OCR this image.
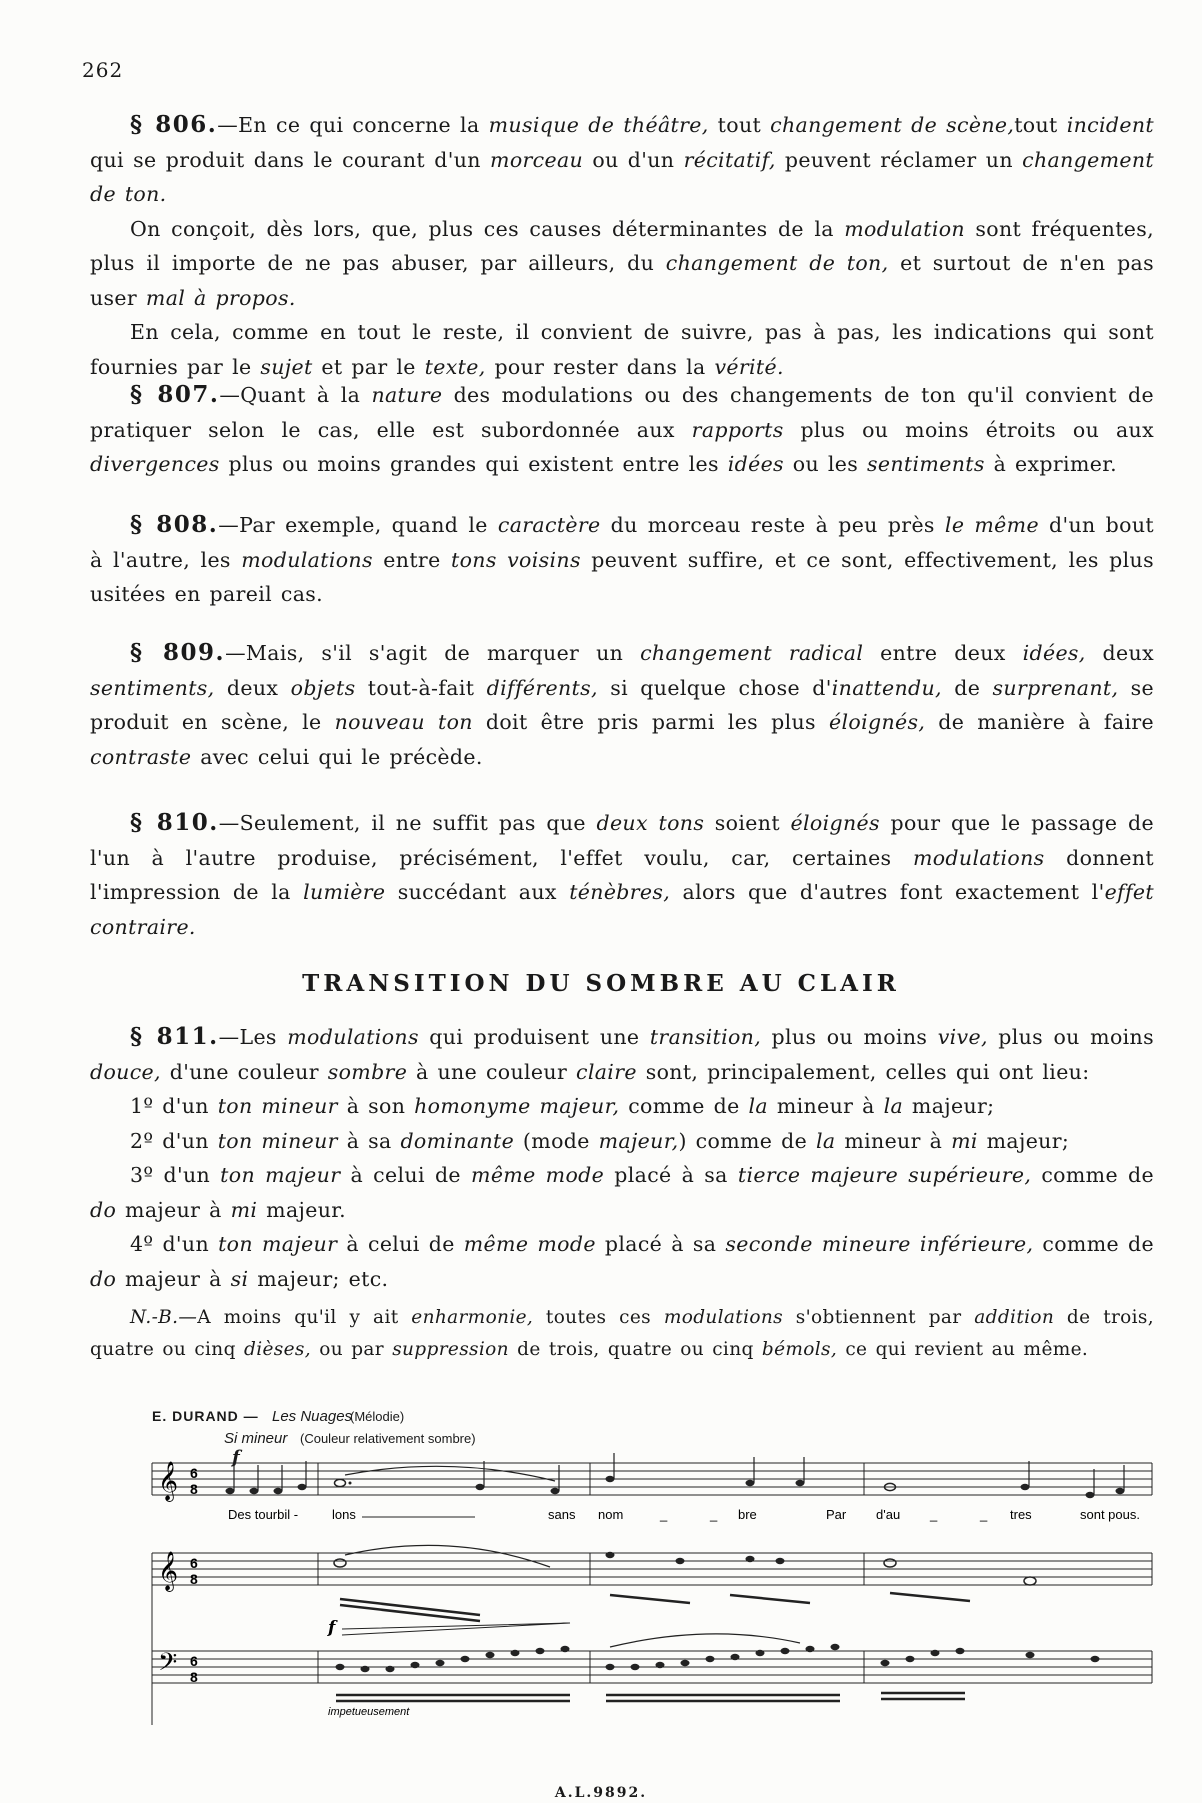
262

§ 806.—En ce qui concerne la musique de théâtre, tout changement de scène,tout incident qui se produit dans le courant d'un morceau ou d'un récitatif, peuvent réclamer un changement de ton.

On conçoit, dès lors, que, plus ces causes déterminantes de la modulation sont fréquentes, plus il importe de ne pas abuser, par ailleurs, du changement de ton, et surtout de n'en pas user mal à propos.

En cela, comme en tout le reste, il convient de suivre, pas à pas, les indications qui sont fournies par le sujet et par le texte, pour rester dans la vérité.

§ 807.—Quant à la nature des modulations ou des changements de ton qu'il convient de pratiquer selon le cas, elle est subordonnée aux rapports plus ou moins étroits ou aux divergences plus ou moins grandes qui existent entre les idées ou les sentiments à exprimer.

§ 808.—Par exemple, quand le caractère du morceau reste à peu près le même d'un bout à l'autre, les modulations entre tons voisins peuvent suffire, et ce sont, effectivement, les plus usitées en pareil cas.

§ 809.—Mais, s'il s'agit de marquer un changement radical entre deux idées, deux sentiments, deux objets tout-à-fait différents, si quelque chose d'inattendu, de surprenant, se produit en scène, le nouveau ton doit être pris parmi les plus éloignés, de manière à faire contraste avec celui qui le précède.

§ 810.—Seulement, il ne suffit pas que deux tons soient éloignés pour que le passage de l'un à l'autre produise, précisément, l'effet voulu, car, certaines modulations donnent l'impression de la lumière succédant aux ténèbres, alors que d'autres font exactement l'effet contraire.

TRANSITION DU SOMBRE AU CLAIR

§ 811.—Les modulations qui produisent une transition, plus ou moins vive, plus ou moins douce, d'une couleur sombre à une couleur claire sont, principalement, celles qui ont lieu:

1º d'un ton mineur à son homonyme majeur, comme de la mineur à la majeur;

2º d'un ton mineur à sa dominante (mode majeur,) comme de la mineur à mi majeur;

3º d'un ton majeur à celui de même mode placé à sa tierce majeure supérieure, comme de do majeur à mi majeur.

4º d'un ton majeur à celui de même mode placé à sa seconde mineure inférieure, comme de do majeur à si majeur; etc.

N.-B.—A moins qu'il y ait enharmonie, toutes ces modulations s'obtiennent par addition de trois, quatre ou cinq dièses, ou par suppression de trois, quatre ou cinq bémols, ce qui revient au même.

E. DURAND — Les Nuages
(Mélodie)
Si mineur (Couleur relativement sombre)
f
𝄞 6
8
Des tourbil -	lons	sans nom	_	_ bre	Par d'au _	_ tres	sont pous.
𝄞 6
8
f
𝄢 6
8
impetueusement
A.L.9892.
